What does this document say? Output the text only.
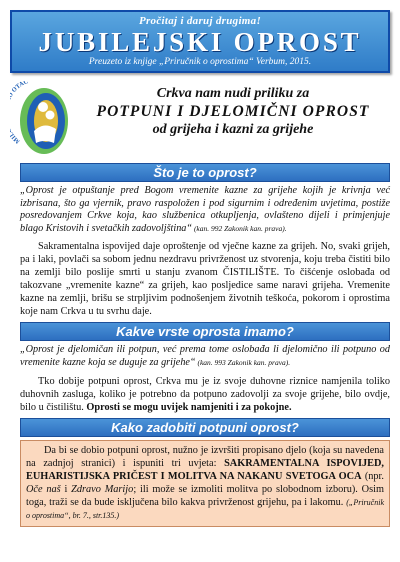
Pročitaj i daruj drugima!
JUBILEJSKI OPROST
Preuzeto iz knjige „Priručnik o oprostima“ Verbum, 2015.
MI OTAC
Crkva nam nudi priliku za
POTPUNI I DJELOMIČNI OPROST
od grijeha i kazni za grijehe
Što je to oprost?
„Oprost je otpuštanje pred Bogom vremenite kazne za grijehe kojih je krivnja već izbrisana, što ga vjernik, pravo raspoložen i pod sigurnim i određenim uvjetima, postiže posredovanjem Crkve koja, kao službenica otkupljenja, ovlašteno dijeli i primjenjuje blago Kristovih i svetačkih zadovoljština“ (kan. 992 Zakonik kan. prava).
Sakramentalna ispovijed daje oproštenje od vječne kazne za grijeh. No, svaki grijeh, pa i laki, povlači sa sobom jednu nezdravu privrženost uz stvorenja, koju treba čistiti bilo na zemlji bilo poslije smrti u stanju zvanom ČISTILIŠTE. To čišćenje oslobađa od takozvane „vremenite kazne“ za grijeh, kao posljedice same naravi grijeha. Vremenite kazne na zemlji, brišu se strpljivim podnošenjem životnih teškoća, pokorom i oprostima koje nam Crkva u tu svrhu daje.
Kakve vrste oprosta imamo?
„Oprost je djelomičan ili potpun, već prema tome oslobađa li djelomično ili potpuno od vremenite kazne koja se duguje za grijehe“ (kan. 993 Zakonik kan. prava).
Tko dobije potpuni oprost, Crkva mu je iz svoje duhovne riznice namjenila toliko duhovnih zasluga, koliko je potrebno da potpuno zadovolji za svoje grijehe, bilo ovdje, bilo u čistilištu. Oprosti se mogu uvijek namjeniti i za pokojne.
Kako zadobiti potpuni oprost?
Da bi se dobio potpuni oprost, nužno je izvršiti propisano djelo (koja su navedena na zadnjoj stranici) i ispuniti tri uvjeta: SAKRAMENTALNA ISPOVIJED, EUHARISTIJSKA PRIČEST I MOLITVA NA NAKANU SVETOGA OCA (npr. Oče naš i Zdravo Marijo; ili može se izmoliti molitva po slobodnom izboru). Osim toga, traži se da bude isključena bilo kakva privrženost grijehu, pa i lakomu. („Priručnik o oprostima“, br. 7., str.135.)
